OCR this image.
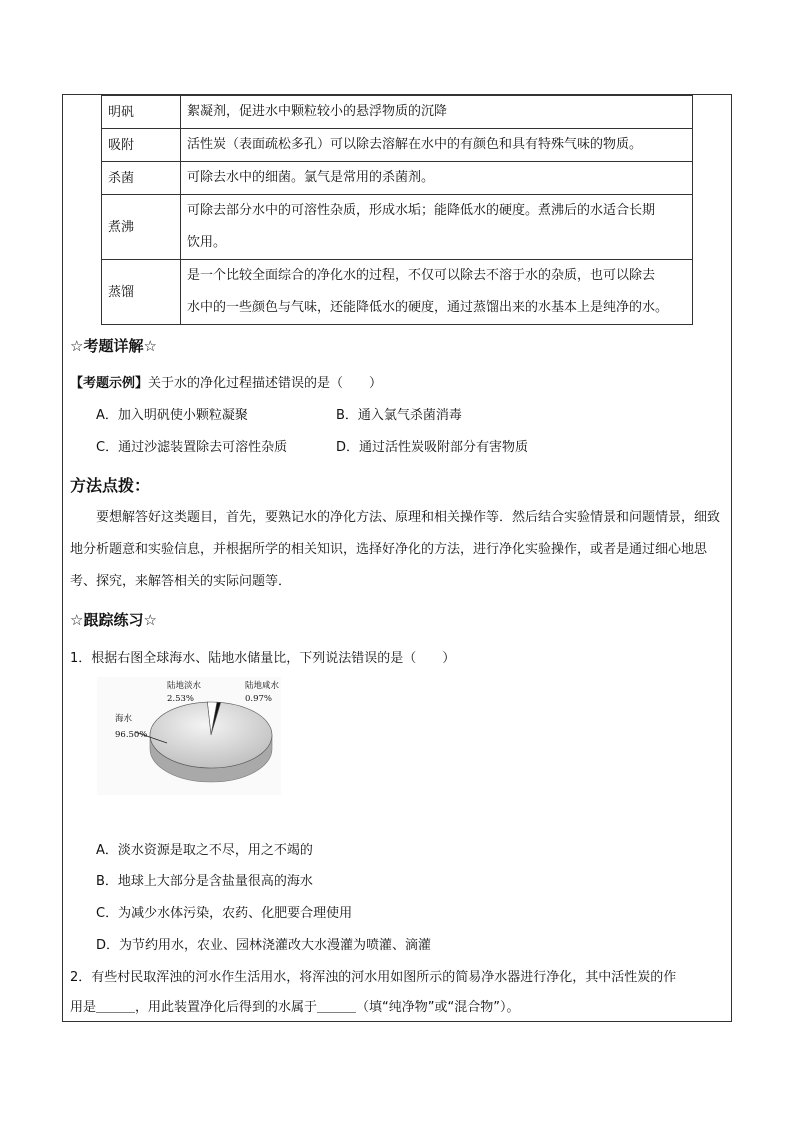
明矾	絮凝剂，促进水中颗粒较小的悬浮物质的沉降
吸附	活性炭（表面疏松多孔）可以除去溶解在水中的有颜色和具有特殊气味的物质。
杀菌	可除去水中的细菌。氯气是常用的杀菌剂。
煮沸	可除去部分水中的可溶性杂质，形成水垢；能降低水的硬度。煮沸后的水适合长期
饮用。
蒸馏	是一个比较全面综合的净化水的过程，不仅可以除去不溶于水的杂质，也可以除去
水中的一些颜色与气味，还能降低水的硬度，通过蒸馏出来的水基本上是纯净的水。
☆考题详解☆
【考题示例】关于水的净化过程描述错误的是（　　）
A．加入明矾使小颗粒凝聚	B．通入氯气杀菌消毒
C．通过沙滤装置除去可溶性杂质	D．通过活性炭吸附部分有害物质
方法点拨：
要想解答好这类题目，首先，要熟记水的净化方法、原理和相关操作等．然后结合实验情景和问题情景，细致地分析题意和实验信息，并根据所学的相关知识，选择好净化的方法，进行净化实验操作，或者是通过细心地思考、探究，来解答相关的实际问题等．
☆跟踪练习☆
1．根据右图全球海水、陆地水储量比，下列说法错误的是（　　）
海水
96.50%
陆地淡水
2.53%
陆地咸水
0.97%
A．淡水资源是取之不尽，用之不竭的
B．地球上大部分是含盐量很高的海水
C．为减少水体污染，农药、化肥要合理使用
D．为节约用水，农业、园林浇灌改大水漫灌为喷灌、滴灌
2．有些村民取浑浊的河水作生活用水，将浑浊的河水用如图所示的简易净水器进行净化，其中活性炭的作
用是＿＿＿，用此装置净化后得到的水属于＿＿＿（填“纯净物”或“混合物”）。
